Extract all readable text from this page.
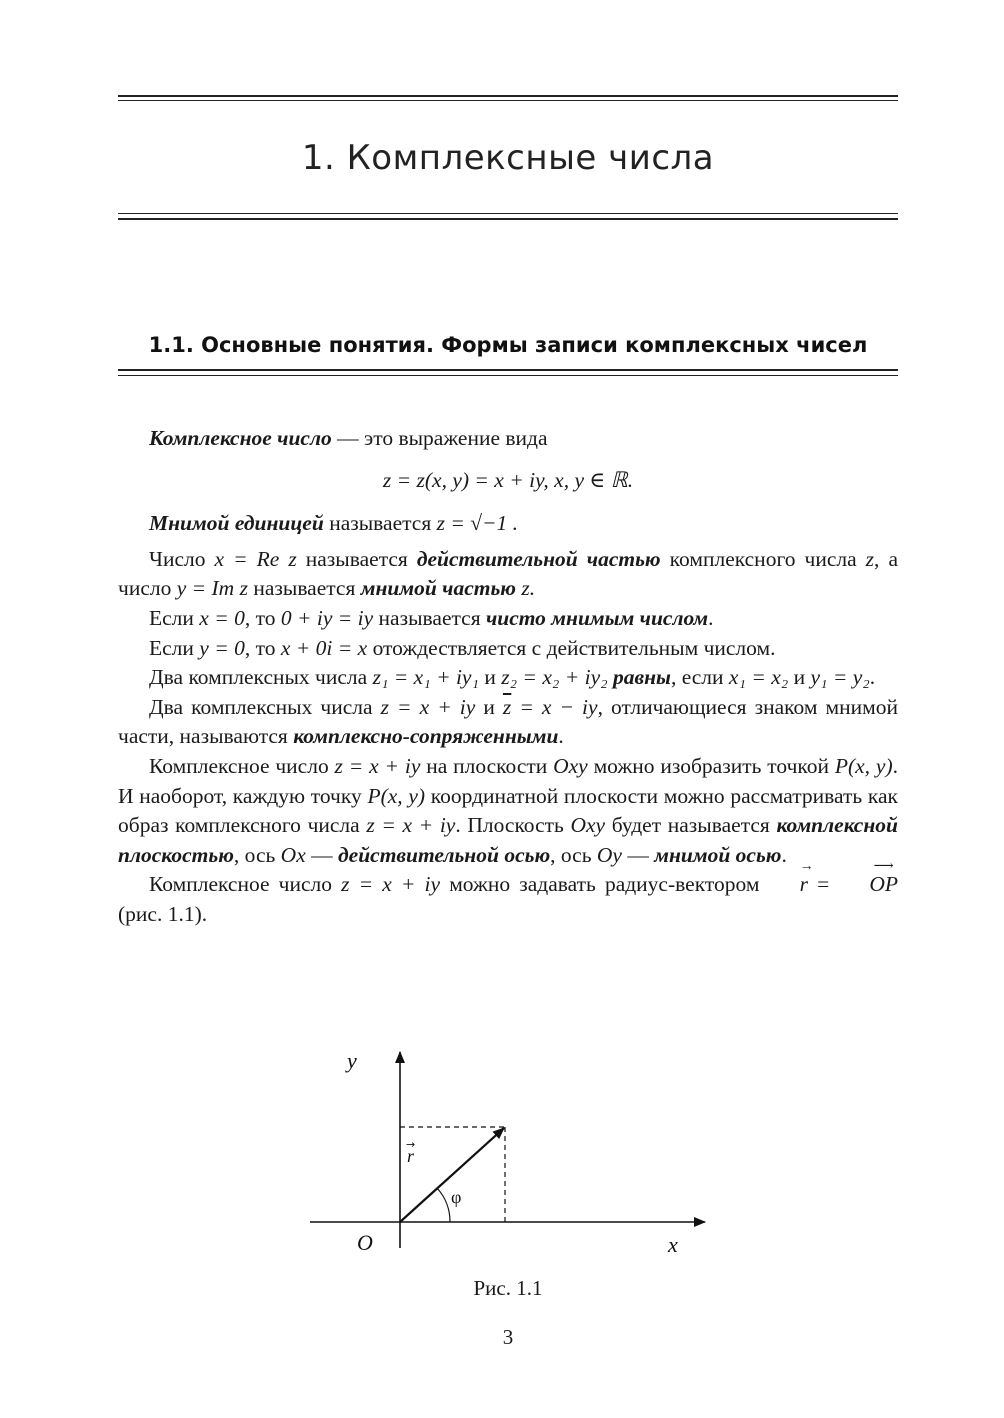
1. Комплексные числа
1.1. Основные понятия. Формы записи комплексных чисел

Комплексное число — это выражение вида

z = z(x, y) = x + iy, x, y ∈ ℝ.

Мнимой единицей называется z = √−1 .

Число x = Re z называется действительной частью комплексного числа z, а число y = Im z называется мнимой частью z.

Если x = 0, то 0 + iy = iy называется чисто мнимым числом.

Если y = 0, то x + 0i = x отождествляется с действительным числом.

Два комплексных числа z₁ = x₁ + iy₁ и z₂ = x₂ + iy₂ равны, если x₁ = x₂ и y₁ = y₂.

Два комплексных числа z = x + iy и $\overline{z} = x$ − iy, отличающиеся знаком мнимой части, называются комплексно-сопряженными.

Комплексное число z = x + iy на плоскости Oxy можно изобразить точкой P(x, y). И наоборот, каждую точку P(x, y) координатной плоскости можно рассматривать как образ комплексного числа z = x + iy. Плоскость Oxy будет называется комплексной плоскостью, ось Ox — действительной осью, ось Oy — мнимой осью.

Комплексное число z = x + iy можно задавать радиус-вектором r
→
= OP
⟶
(рис. 1.1).

y
x
O
r
→
φ
Рис. 1.1
3
